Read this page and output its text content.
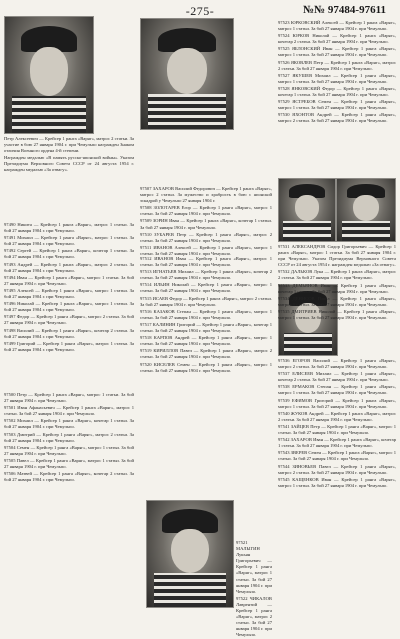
-275-	№№ 97484-97611

Петр Алексеевич — Крейсер 1 ранга «Варяг», матрос 2 статьи. За участие в бою 27 января 1904 г. при Чемульпо награжден Знаком отличия Военного ордена 4-й степени.

Награжден медалью «В память русско-японской войны». Указом Президиума Верховного Совета СССР от 24 августа 1954 г. награжден медалью «За отвагу».

97490 Никита — Крейсер 1 ранга «Варяг», матрос 1 статьи. За бой 27 января 1904 г. при Чемульпо.

97491 Михаил — Крейсер 1 ранга «Варяг», матрос 1 статьи. За бой 27 января 1904 г. при Чемульпо.

97492 Сергей — Крейсер 1 ранга «Варяг», кочегар 1 статьи. За бой 27 января 1904 г. при Чемульпо.

97493 Андрей — Крейсер 1 ранга «Варяг», матрос 2 статьи. За бой 27 января 1904 г. при Чемульпо.

97494 Иван — Крейсер 1 ранга «Варяг», матрос 1 статьи. За бой 27 января 1904 г. при Чемульпо.

97495 Алексей — Крейсер 1 ранга «Варяг», матрос 1 статьи. За бой 27 января 1904 г. при Чемульпо.

97496 Николай — Крейсер 1 ранга «Варяг», матрос 1 статьи. За бой 27 января 1904 г. при Чемульпо.

97497 Федор — Крейсер 1 ранга «Варяг», матрос 2 статьи. За бой 27 января 1904 г. при Чемульпо.

97498 Василий — Крейсер 1 ранга «Варяг», кочегар 2 статьи. За бой 27 января 1904 г. при Чемульпо.

97499 Григорий — Крейсер 1 ранга «Варяг», матрос 1 статьи. За бой 27 января 1904 г. при Чемульпо.

97500 Петр — Крейсер 1 ранга «Варяг», матрос 1 статьи. За бой 27 января 1904 г. при Чемульпо.

97501 Иван Афанасьевич — Крейсер 1 ранга «Варяг», матрос 1 статьи. За бой 27 января 1904 г. при Чемульпо.

97502 Михаил — Крейсер 1 ранга «Варяг», кочегар 1 статьи. За бой 27 января 1904 г. при Чемульпо.

97503 Дмитрий — Крейсер 1 ранга «Варяг», матрос 2 статьи. За бой 27 января 1904 г. при Чемульпо.

97504 Семен — Крейсер 1 ранга «Варяг», матрос 1 статьи. За бой 27 января 1904 г. при Чемульпо.

97505 Павел — Крейсер 1 ранга «Варяг», матрос 1 статьи. За бой 27 января 1904 г. при Чемульпо.

97506 Матвей — Крейсер 1 ранга «Варяг», кочегар 2 статьи. За бой 27 января 1904 г. при Чемульпо.

97507 ЗАХАРОВ Василий Федорович — Крейсер 1 ранга «Варяг», матрос 2 статьи. За мужество и храбрость в бою с японской эскадрой у Чемульпо 27 января 1904 г.

97508 ЗОЛОТАРЕВ Егор — Крейсер 1 ранга «Варяг», матрос 1 статьи. За бой 27 января 1904 г. при Чемульпо.

97509 ЗОРИН Иван — Крейсер 1 ранга «Варяг», кочегар 1 статьи. За бой 27 января 1904 г. при Чемульпо.

97510 ЗУБАРЕВ Петр — Крейсер 1 ранга «Варяг», матрос 2 статьи. За бой 27 января 1904 г. при Чемульпо.

97511 ИВАНОВ Алексей — Крейсер 1 ранга «Варяг», матрос 1 статьи. За бой 27 января 1904 г. при Чемульпо.

97512 ИВАНОВ Иван — Крейсер 1 ранга «Варяг», матрос 1 статьи. За бой 27 января 1904 г. при Чемульпо.

97513 ИГНАТЬЕВ Михаил — Крейсер 1 ранга «Варяг», кочегар 2 статьи. За бой 27 января 1904 г. при Чемульпо.

97514 ИЛЬИН Николай — Крейсер 1 ранга «Варяг», матрос 1 статьи. За бой 27 января 1904 г. при Чемульпо.

97515 ИСАЕВ Федор — Крейсер 1 ранга «Варяг», матрос 2 статьи. За бой 27 января 1904 г. при Чемульпо.

97516 КАЗАКОВ Степан — Крейсер 1 ранга «Варяг», матрос 1 статьи. За бой 27 января 1904 г. при Чемульпо.

97517 КАЛИНИН Григорий — Крейсер 1 ранга «Варяг», кочегар 1 статьи. За бой 27 января 1904 г. при Чемульпо.

97518 КАРПОВ Андрей — Крейсер 1 ранга «Варяг», матрос 1 статьи. За бой 27 января 1904 г. при Чемульпо.

97519 КИРИЛЛОВ Павел — Крейсер 1 ранга «Варяг», матрос 2 статьи. За бой 27 января 1904 г. при Чемульпо.

97520 КИСЕЛЕВ Семен — Крейсер 1 ранга «Варяг», матрос 1 статьи. За бой 27 января 1904 г. при Чемульпо.

97521 МАЛЫГИН Лукьян Григорьевич — Крейсер 1 ранга «Варяг», матрос 1 статьи. За бой 27 января 1904 г. при Чемульпо.

97522 ЧИКАЛОВ Лаврентий — Крейсер 1 ранга «Варяг», матрос 2 статьи. За бой 27 января 1904 г. при Чемульпо.

97523 ЮРКОВСКИЙ Алексей — Крейсер 1 ранга «Варяг», матрос 1 статьи. За бой 27 января 1904 г. при Чемульпо.

97524 ЮРКОВ Николай — Крейсер 1 ранга «Варяг», кочегар 2 статьи. За бой 27 января 1904 г. при Чемульпо.

97525 ЯБЛОНСКИЙ Иван — Крейсер 1 ранга «Варяг», матрос 1 статьи. За бой 27 января 1904 г. при Чемульпо.

97526 ЯКОВЛЕВ Петр — Крейсер 1 ранга «Варяг», матрос 2 статьи. За бой 27 января 1904 г. при Чемульпо.

97527 ЯКУШЕВ Михаил — Крейсер 1 ранга «Варяг», матрос 1 статьи. За бой 27 января 1904 г. при Чемульпо.

97528 ЯНКОВСКИЙ Федор — Крейсер 1 ранга «Варяг», кочегар 1 статьи. За бой 27 января 1904 г. при Чемульпо.

97529 ЯСТРЕБОВ Семен — Крейсер 1 ранга «Варяг», матрос 1 статьи. За бой 27 января 1904 г. при Чемульпо.

97530 ЯХОНТОВ Андрей — Крейсер 1 ранга «Варяг», матрос 2 статьи. За бой 27 января 1904 г. при Чемульпо.

97531 АЛЕКСАНДРОВ Сидор Григорьевич — Крейсер 1 ранга «Варяг», матрос 1 статьи. За бой 27 января 1904 г. при Чемульпо. Указом Президиума Верховного Совета СССР от 24 августа 1954 г. награжден медалью «За отвагу».

97532 ДАЛЬКОВ Лука — Крейсер 1 ранга «Варяг», матрос 2 статьи. За бой 27 января 1904 г. при Чемульпо.

97533 ДЕМЬЯНОВ Иван — Крейсер 1 ранга «Варяг», кочегар 1 статьи. За бой 27 января 1904 г. при Чемульпо.

97534 ДЕНИСОВ Павел — Крейсер 1 ранга «Варяг», матрос 1 статьи. За бой 27 января 1904 г. при Чемульпо.

97535 ДМИТРИЕВ Николай — Крейсер 1 ранга «Варяг», матрос 1 статьи. За бой 27 января 1904 г. при Чемульпо.

97536 ЕГОРОВ Василий — Крейсер 1 ранга «Варяг», матрос 2 статьи. За бой 27 января 1904 г. при Чемульпо.

97537 ЕЛИСЕЕВ Михаил — Крейсер 1 ранга «Варяг», кочегар 2 статьи. За бой 27 января 1904 г. при Чемульпо.

97538 ЕРМАКОВ Степан — Крейсер 1 ранга «Варяг», матрос 1 статьи. За бой 27 января 1904 г. при Чемульпо.

97539 ЕФИМОВ Григорий — Крейсер 1 ранга «Варяг», матрос 1 статьи. За бой 27 января 1904 г. при Чемульпо.

97540 ЖУКОВ Андрей — Крейсер 1 ранга «Варяг», матрос 2 статьи. За бой 27 января 1904 г. при Чемульпо.

97541 ЗАЙЦЕВ Петр — Крейсер 1 ранга «Варяг», матрос 1 статьи. За бой 27 января 1904 г. при Чемульпо.

97542 ЗАХАРОВ Иван — Крейсер 1 ранга «Варяг», кочегар 1 статьи. За бой 27 января 1904 г. при Чемульпо.

97543 ЗВЕРЕВ Семен — Крейсер 1 ранга «Варяг», матрос 1 статьи. За бой 27 января 1904 г. при Чемульпо.

97544 ЗИНОВЬЕВ Павел — Крейсер 1 ранга «Варяг», матрос 2 статьи. За бой 27 января 1904 г. при Чемульпо.

97545 КАЩЕНКОВ Иван — Крейсер 1 ранга «Варяг», матрос 1 статьи. За бой 27 января 1904 г. при Чемульпо.
